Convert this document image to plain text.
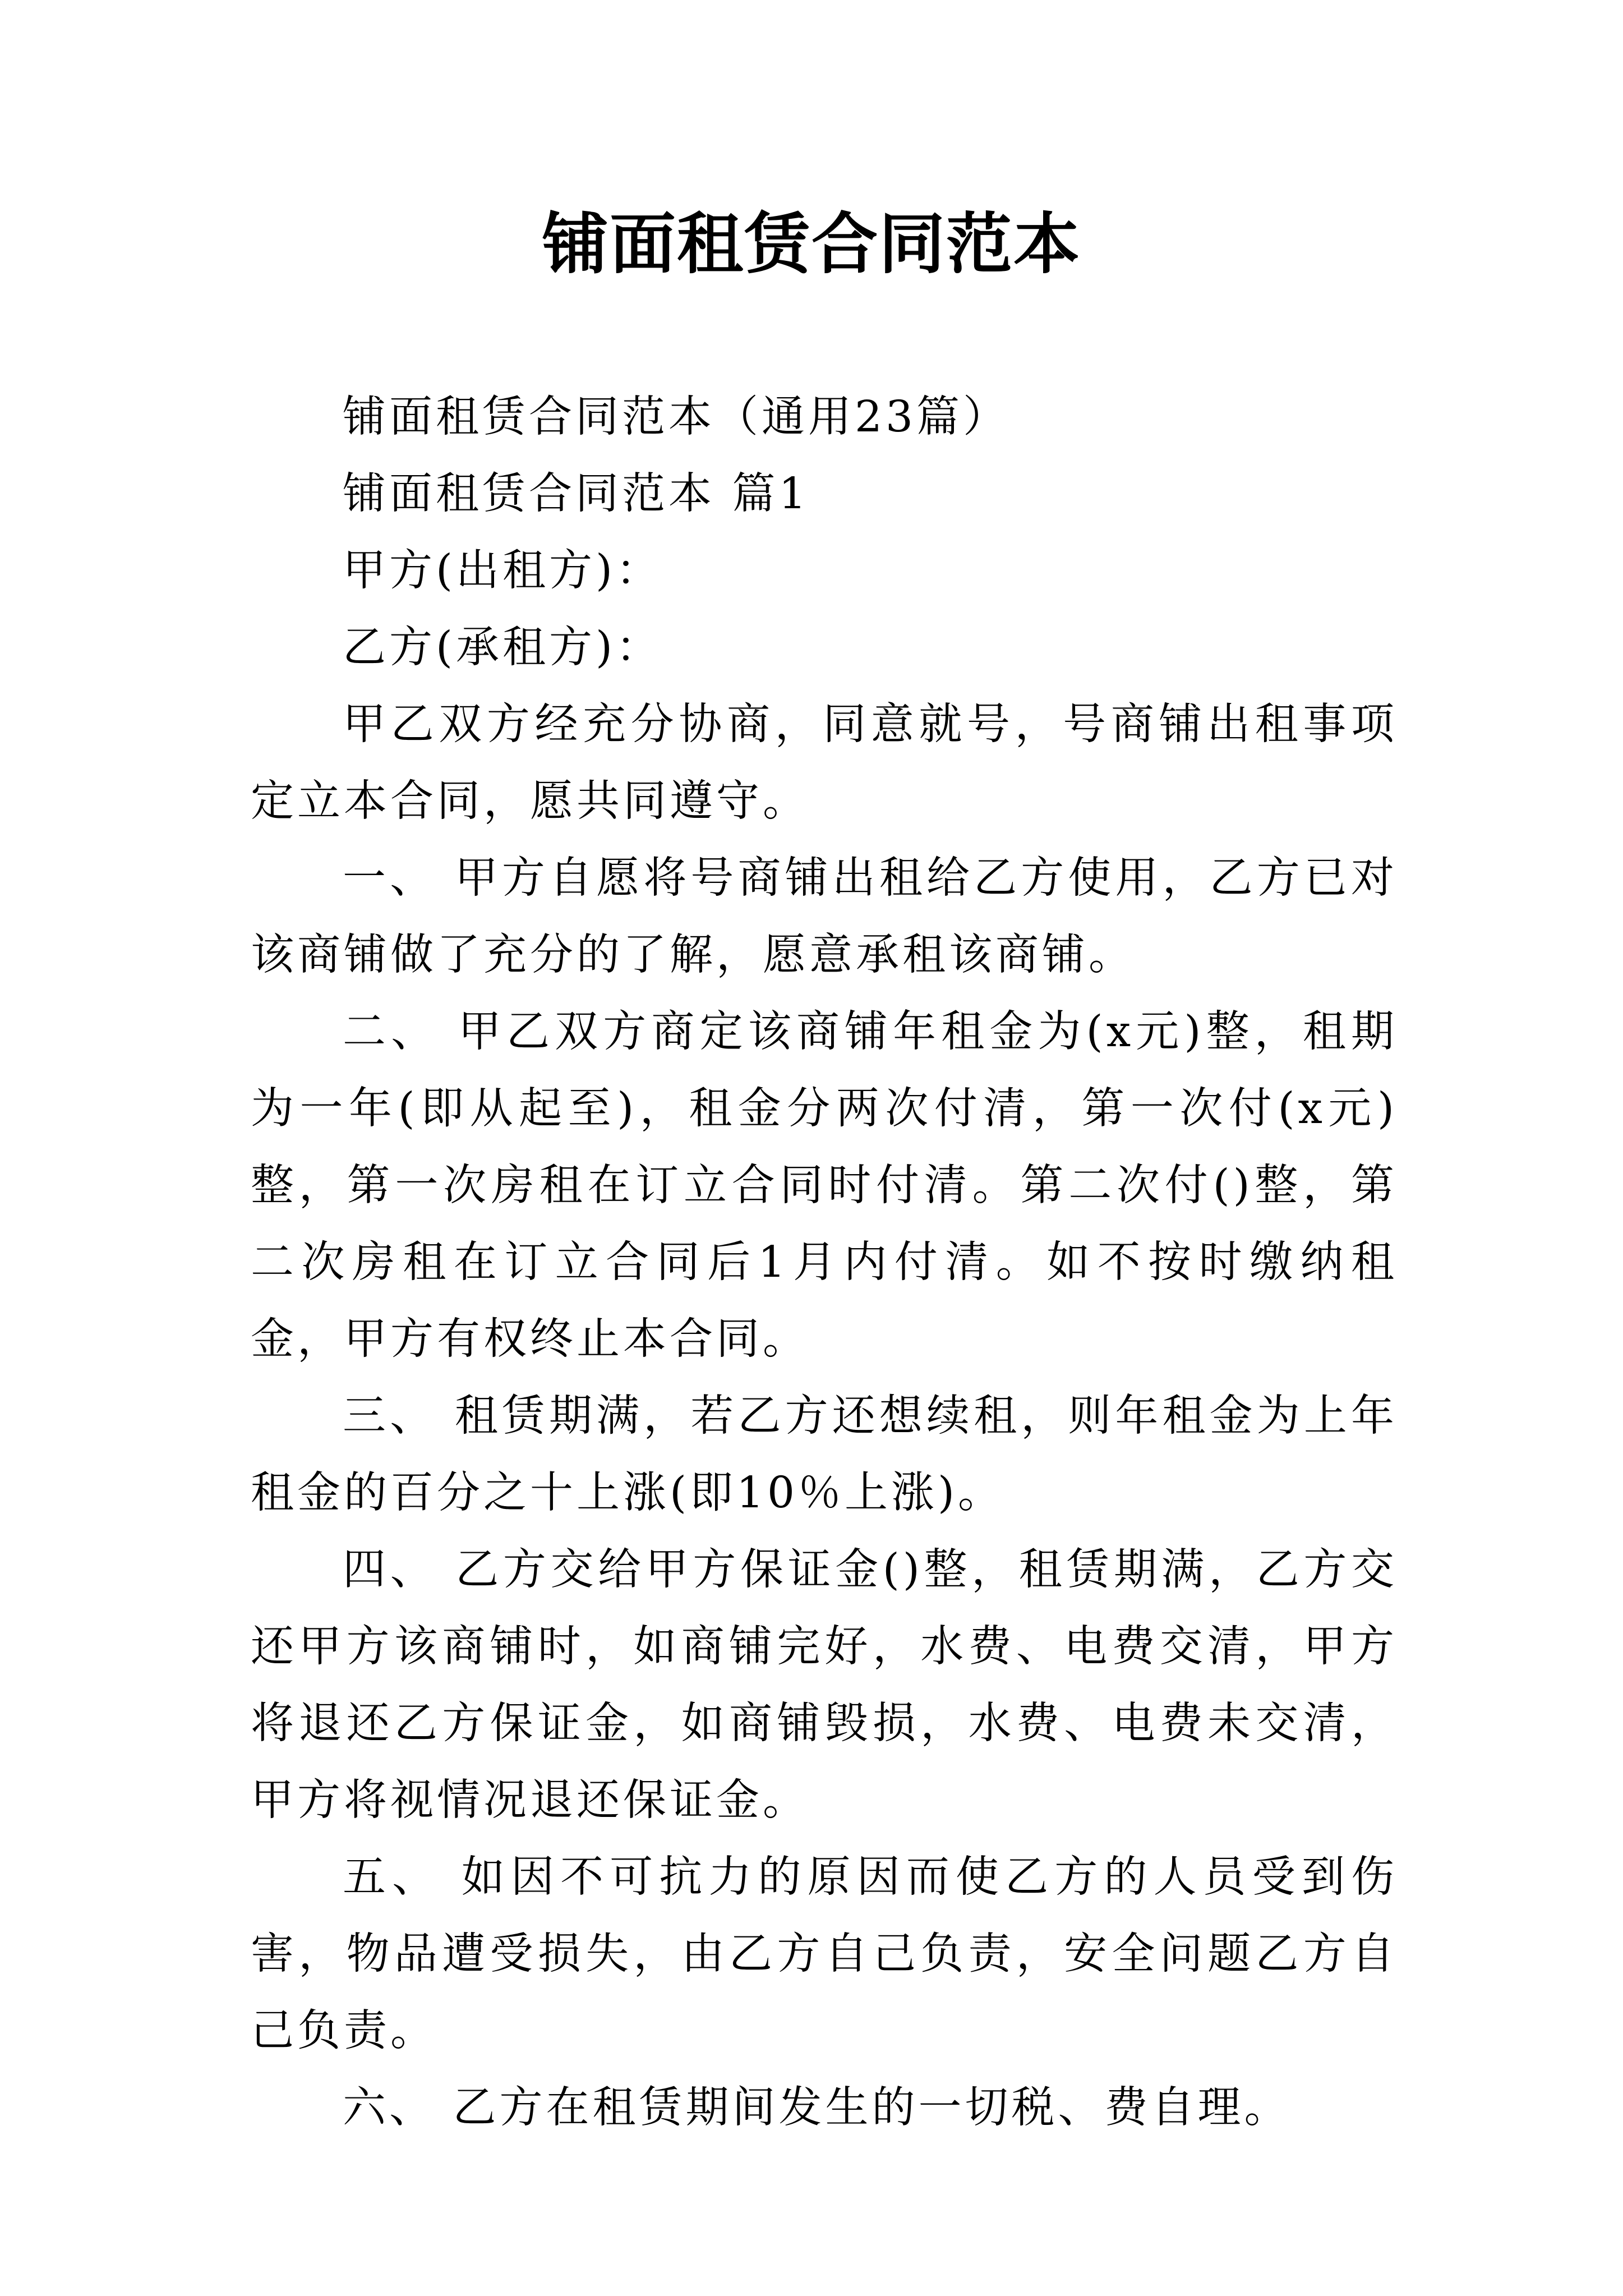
铺面租赁合同范本

铺面租赁合同范本（通用23篇）

铺面租赁合同范本 篇1

甲方(出租方)：

乙方(承租方)：

甲乙双方经充分协商，同意就号，号商铺出租事项定立本合同，愿共同遵守。

一、 甲方自愿将号商铺出租给乙方使用，乙方已对该商铺做了充分的了解，愿意承租该商铺。

二、 甲乙双方商定该商铺年租金为(x元)整，租期为一年(即从起至)，租金分两次付清，第一次付(x元)整，第一次房租在订立合同时付清。第二次付()整，第二次房租在订立合同后1月内付清。如不按时缴纳租金，甲方有权终止本合同。

三、 租赁期满，若乙方还想续租，则年租金为上年租金的百分之十上涨(即10％上涨)。

四、 乙方交给甲方保证金()整，租赁期满，乙方交还甲方该商铺时，如商铺完好，水费、电费交清，甲方将退还乙方保证金，如商铺毁损，水费、电费未交清，甲方将视情况退还保证金。

五、 如因不可抗力的原因而使乙方的人员受到伤害，物品遭受损失，由乙方自己负责，安全问题乙方自己负责。

六、 乙方在租赁期间发生的一切税、费自理。
